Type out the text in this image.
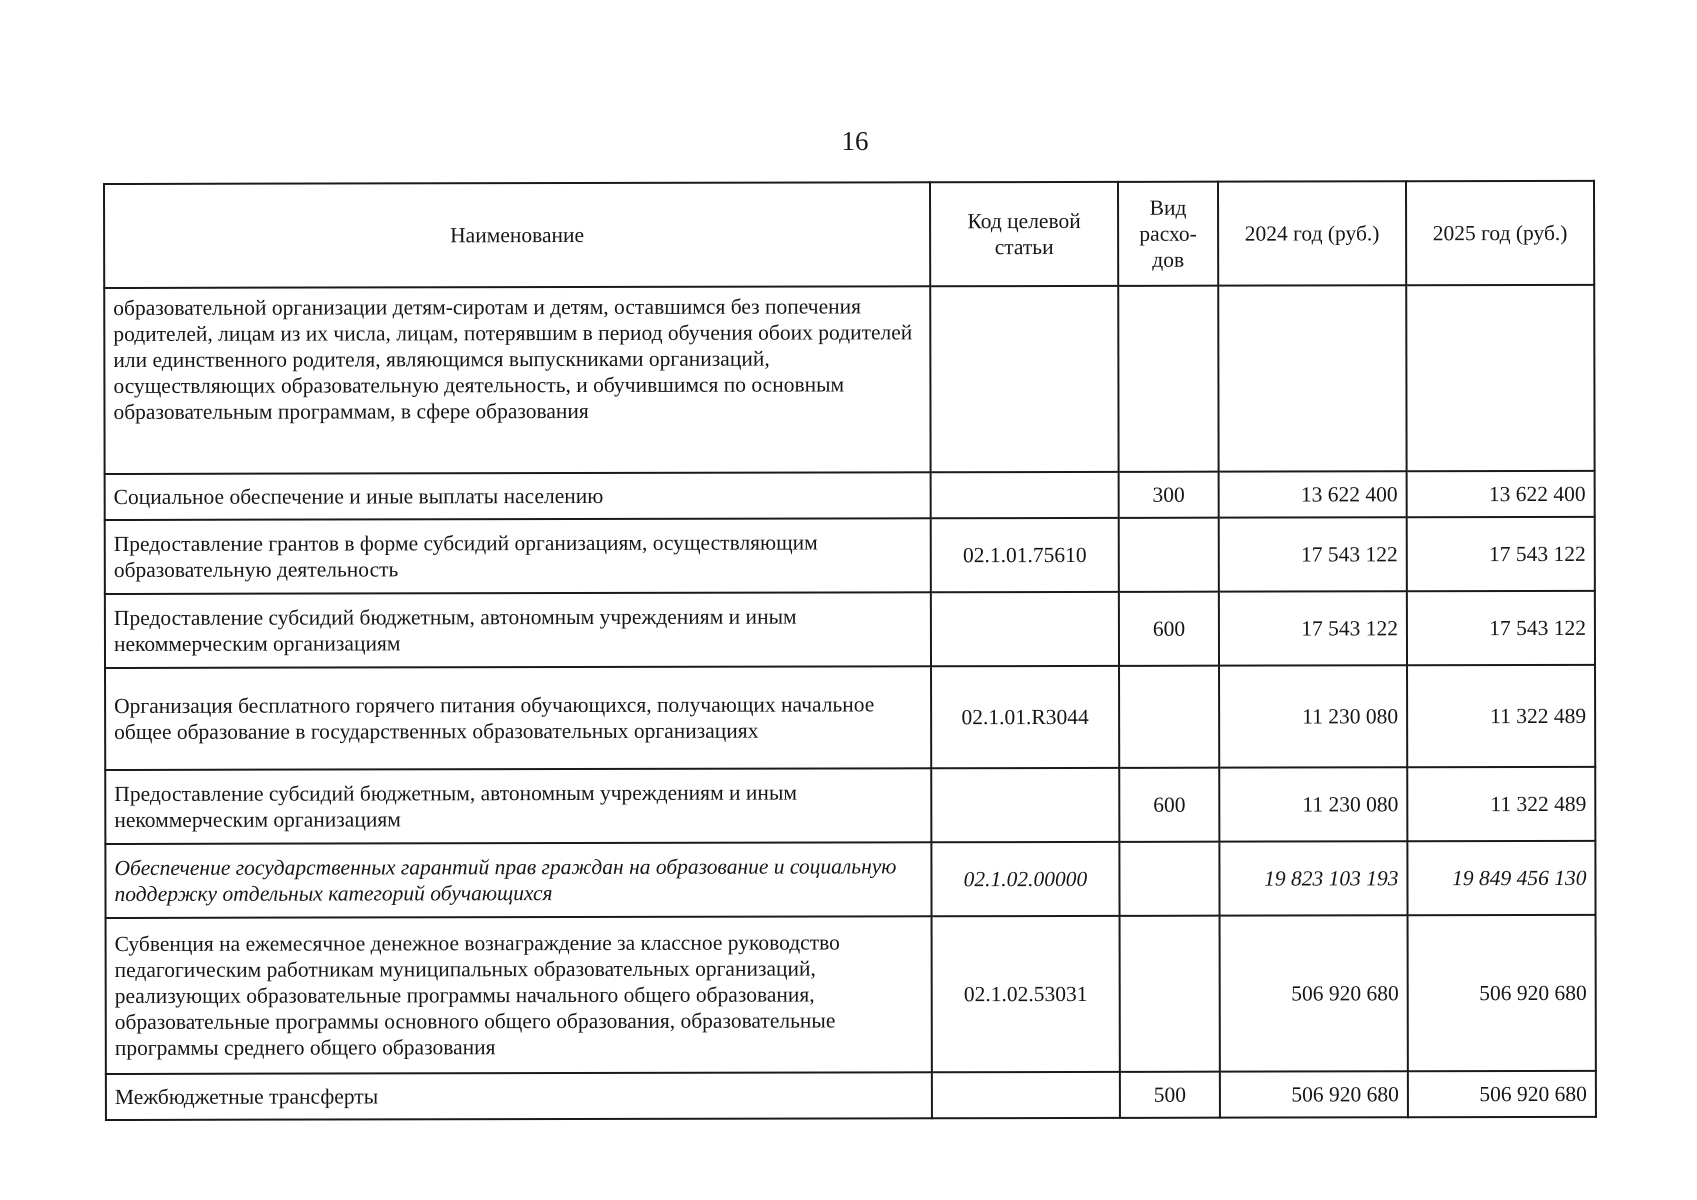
16
Наименование	Код целевой статьи	Вид расхо- дов	2024 год (руб.)	2025 год (руб.)
образовательной организации детям-сиротам и детям, оставшимся без попечения родителей, лицам из их числа, лицам, потерявшим в период обучения обоих родителей или единственного родителя, являющимся выпускниками организаций, осуществляющих образовательную деятельность, и обучившимся по основным образовательным программам, в сфере образования				
Социальное обеспечение и иные выплаты населению		300	13 622 400	13 622 400
Предоставление грантов в форме субсидий организациям, осуществляющим образовательную деятельность	02.1.01.75610		17 543 122	17 543 122
Предоставление субсидий бюджетным, автономным учреждениям и иным некоммерческим организациям		600	17 543 122	17 543 122
Организация бесплатного горячего питания обучающихся, получающих начальное общее образование в государственных образовательных организациях	02.1.01.R3044		11 230 080	11 322 489
Предоставление субсидий бюджетным, автономным учреждениям и иным некоммерческим организациям		600	11 230 080	11 322 489
Обеспечение государственных гарантий прав граждан на образование и социальную поддержку отдельных категорий обучающихся	02.1.02.00000		19 823 103 193	19 849 456 130
Субвенция на ежемесячное денежное вознаграждение за классное руководство педагогическим работникам муниципальных образовательных организаций, реализующих образовательные программы начального общего образования, образовательные программы основного общего образования, образовательные программы среднего общего образования	02.1.02.53031		506 920 680	506 920 680
Межбюджетные трансферты		500	506 920 680	506 920 680
